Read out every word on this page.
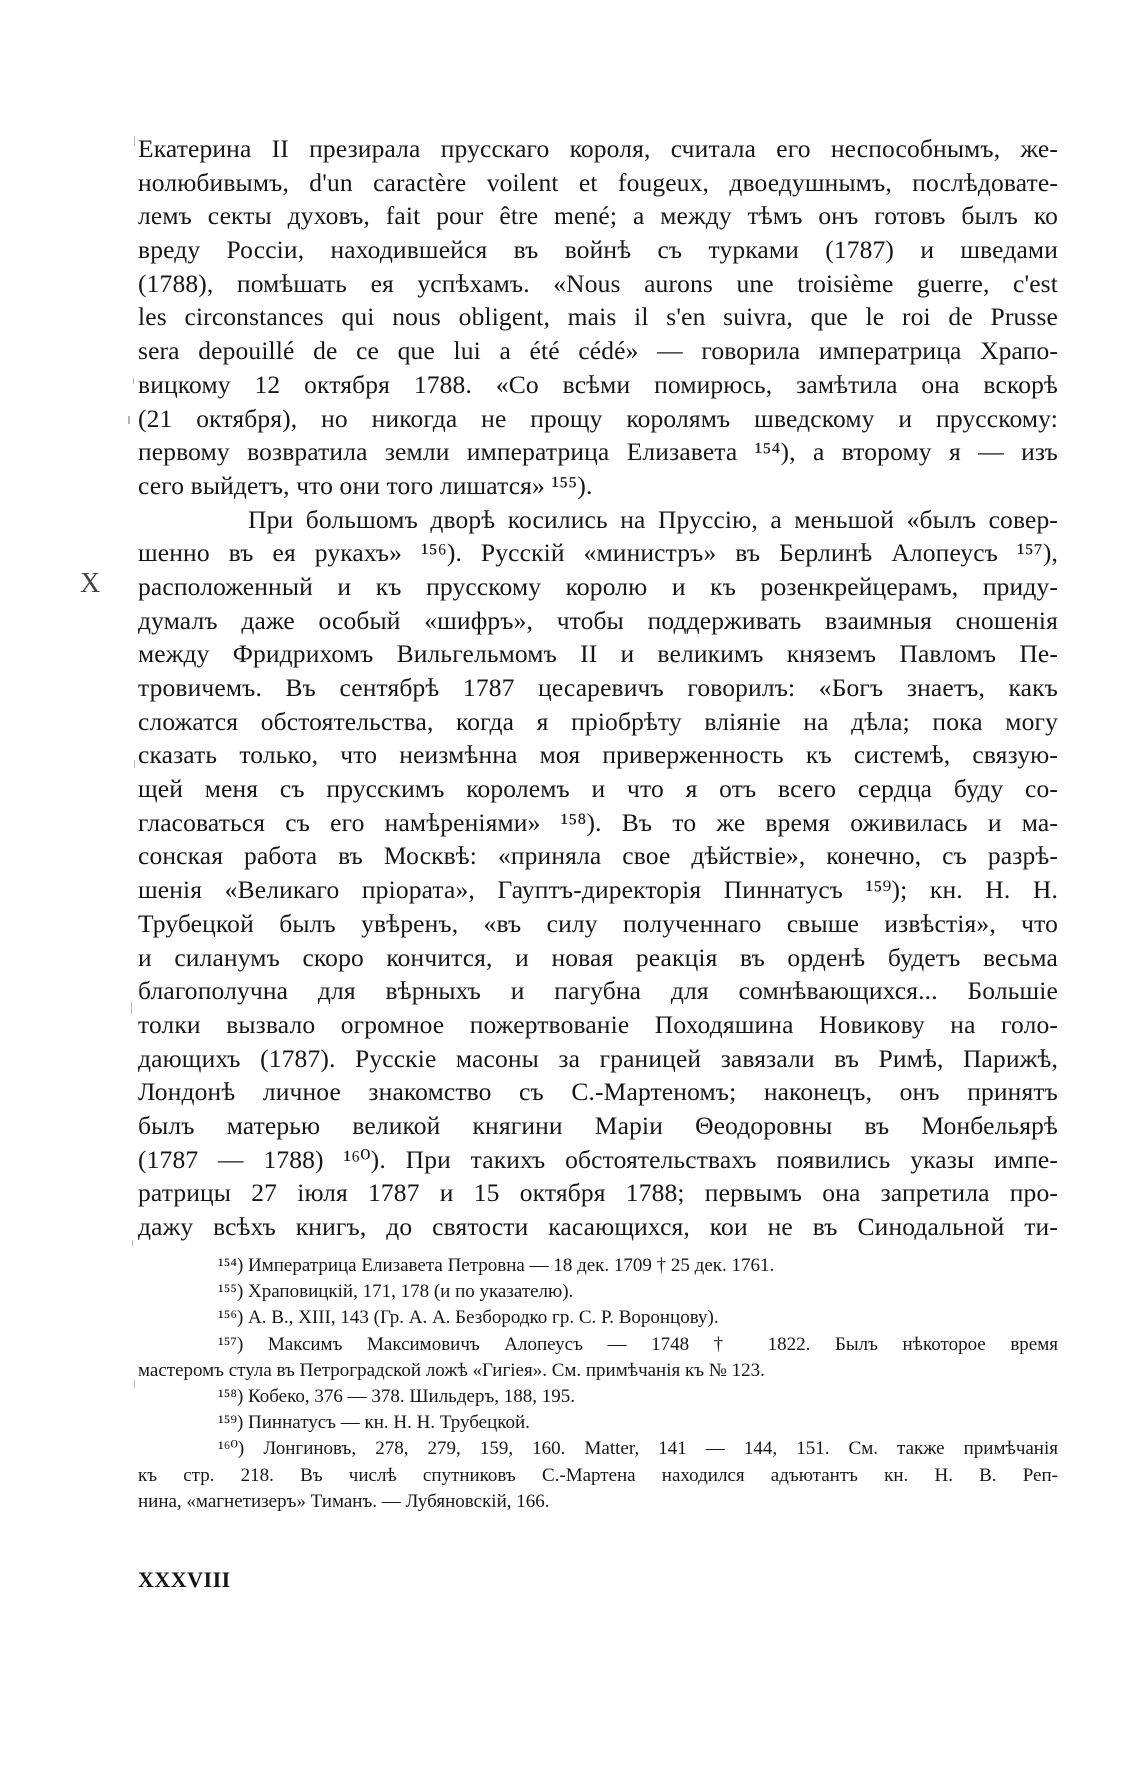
Екатерина II презирала прусскаго короля, считала его неспособнымъ, же-
нолюбивымъ, d'un caractère voilent et fougeux, двоедушнымъ, послѣдовате-
лемъ секты духовъ, fait pour être mené; а между тѣмъ онъ готовъ былъ ко
вреду Россіи, находившейся въ войнѣ съ турками (1787) и шведами
(1788), помѣшать ея успѣхамъ. «Nous aurons une troisième guerre, c'est
les circonstances qui nous obligent, mais il s'en suivra, que le roi de Prusse
sera depouillé de ce que lui a été cédé» — говорила императрица Храпо-
вицкому 12 октября 1788. «Со всѣми помирюсь, замѣтила она вскорѣ
(21 октября), но никогда не прощу королямъ шведскому и прусскому:
первому возвратила земли императрица Елизавета ¹⁵⁴), а второму я — изъ
сего выйдетъ, что они того лишатся» ¹⁵⁵).
При большомъ дворѣ косились на Пруссію, а меньшой «былъ совер-
шенно въ ея рукахъ» ¹⁵⁶). Русскій «министръ» въ Берлинѣ Алопеусъ ¹⁵⁷),
расположенный и къ прусскому королю и къ розенкрейцерамъ, приду-
думалъ даже особый «шифръ», чтобы поддерживать взаимныя сношенія
между Фридрихомъ Вильгельмомъ II и великимъ княземъ Павломъ Пе-
тровичемъ. Въ сентябрѣ 1787 цесаревичъ говорилъ: «Богъ знаетъ, какъ
сложатся обстоятельства, когда я пріобрѣту вліяніе на дѣла; пока могу
сказать только, что неизмѣнна моя приверженность къ системѣ, связую-
щей меня съ прусскимъ королемъ и что я отъ всего сердца буду со-
гласоваться съ его намѣреніями» ¹⁵⁸). Въ то же время оживилась и ма-
сонская работа въ Москвѣ: «приняла свое дѣйствіе», конечно, съ разрѣ-
шенія «Великаго пріората», Гауптъ-директорія Пиннатусъ ¹⁵⁹); кн. Н. Н.
Трубецкой былъ увѣренъ, «въ силу полученнаго свыше извѣстія», что
и силанумъ скоро кончится, и новая реакція въ орденѣ будетъ весьма
благополучна для вѣрныхъ и пагубна для сомнѣвающихся... Большіе
толки вызвало огромное пожертвованіе Походяшина Новикову на голо-
дающихъ (1787). Русскіе масоны за границей завязали въ Римѣ, Парижѣ,
Лондонѣ личное знакомство съ С.-Мартеномъ; наконецъ, онъ принятъ
былъ матерью великой княгини Маріи Θеодоровны въ Монбельярѣ
(1787 — 1788) ¹⁶⁰). При такихъ обстоятельствахъ появились указы импе-
ратрицы 27 іюля 1787 и 15 октября 1788; первымъ она запретила про-
дажу всѣхъ книгъ, до святости касающихся, кои не въ Синодальной ти-
¹⁵⁴) Императрица Елизавета Петровна — 18 дек. 1709 † 25 дек. 1761.
¹⁵⁵) Храповицкій, 171, 178 (и по указателю).
¹⁵⁶) А. В., XIII, 143 (Гр. А. А. Безбородко гр. С. Р. Воронцову).
¹⁵⁷) Максимъ Максимовичъ Алопеусъ — 1748 † 1822. Былъ нѣкоторое время
мастеромъ стула въ Петроградской ложѣ «Гигіея». См. примѣчанія къ № 123.
¹⁵⁸) Кобеко, 376 — 378. Шильдеръ, 188, 195.
¹⁵⁹) Пиннатусъ — кн. Н. Н. Трубецкой.
¹⁶⁰) Лонгиновъ, 278, 279, 159, 160. Matter, 141 — 144, 151. См. также примѣчанія
къ стр. 218. Въ числѣ спутниковъ С.-Мартена находился адъютантъ кн. Н. В. Реп-
нина, «магнетизеръ» Тиманъ. — Лубяновскій, 166.
X
XXXVIII
